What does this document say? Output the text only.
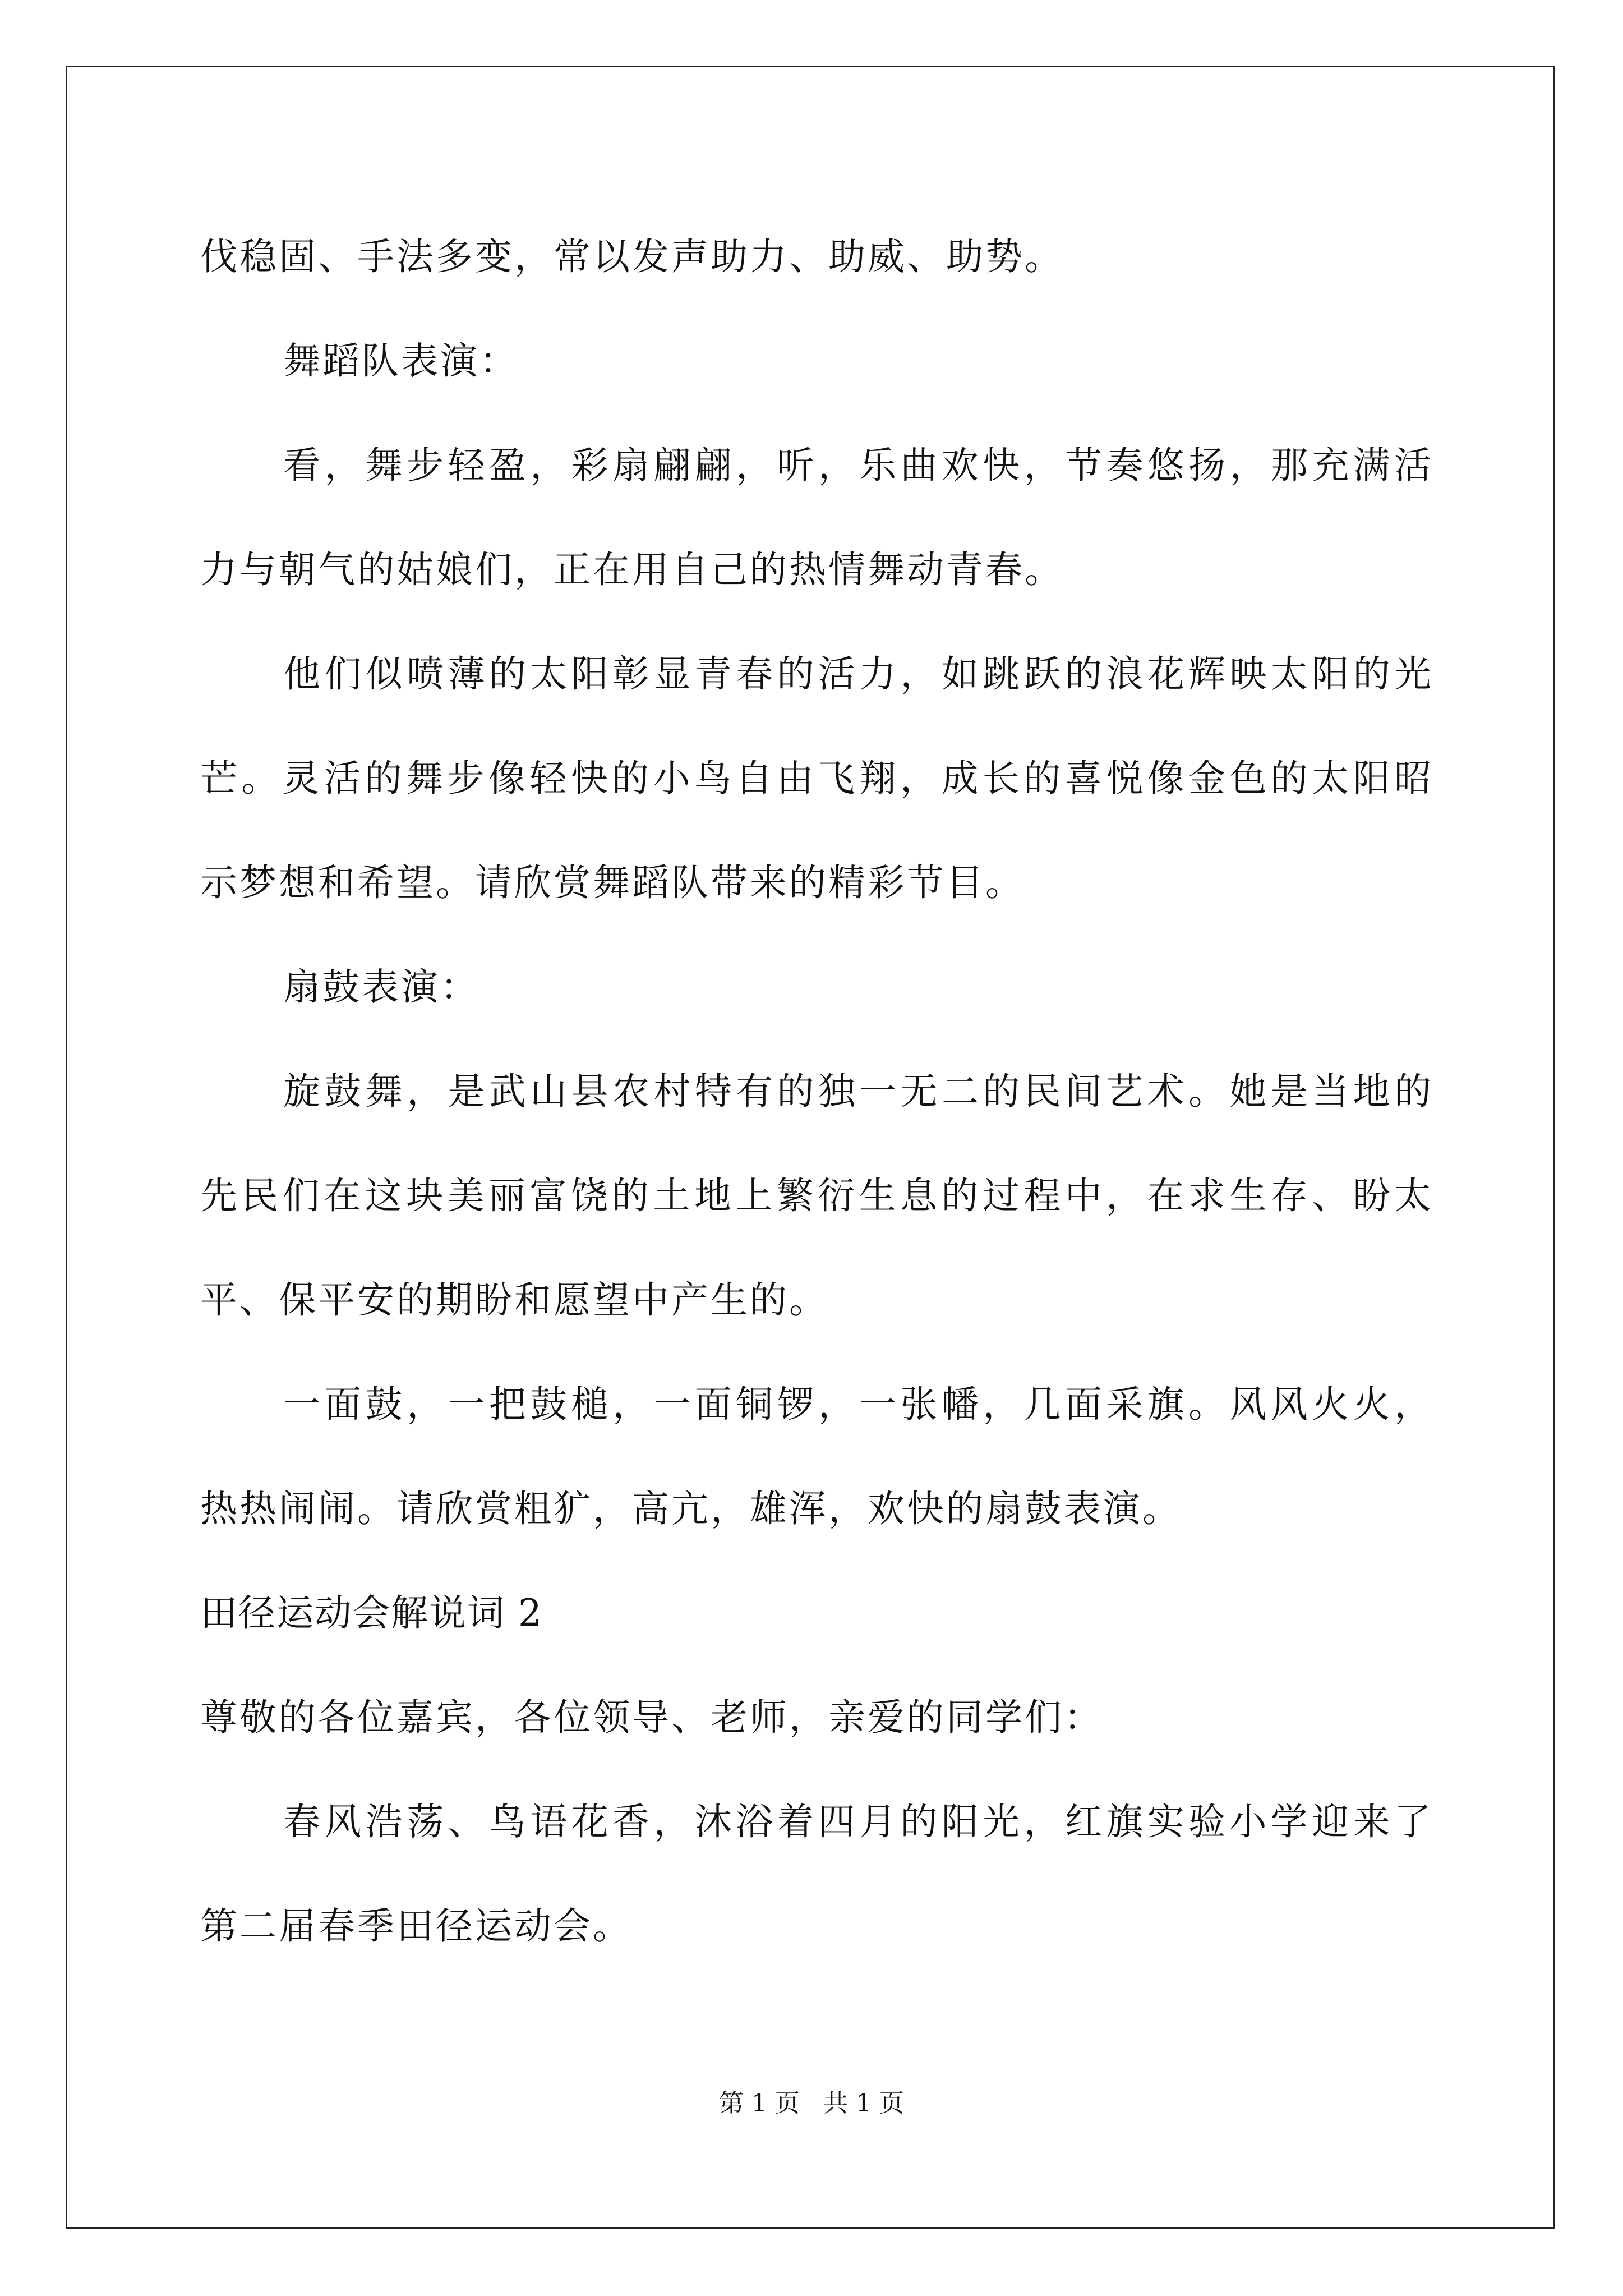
伐稳固、手法多变，常以发声助力、助威、助势。
舞蹈队表演：
看，舞步轻盈，彩扇翩翩，听，乐曲欢快，节奏悠扬，那充满活
力与朝气的姑娘们，正在用自己的热情舞动青春。
他们似喷薄的太阳彰显青春的活力，如跳跃的浪花辉映太阳的光
芒。灵活的舞步像轻快的小鸟自由飞翔，成长的喜悦像金色的太阳昭
示梦想和希望。请欣赏舞蹈队带来的精彩节目。
扇鼓表演：
旋鼓舞，是武山县农村特有的独一无二的民间艺术。她是当地的
先民们在这块美丽富饶的土地上繁衍生息的过程中，在求生存、盼太
平、保平安的期盼和愿望中产生的。
一面鼓，一把鼓槌，一面铜锣，一张幡，几面采旗。风风火火，
热热闹闹。请欣赏粗犷，高亢，雄浑，欢快的扇鼓表演。
田径运动会解说词 2
尊敬的各位嘉宾，各位领导、老师，亲爱的同学们：
春风浩荡、鸟语花香，沐浴着四月的阳光，红旗实验小学迎来了
第二届春季田径运动会。
第 1 页   共 1 页
